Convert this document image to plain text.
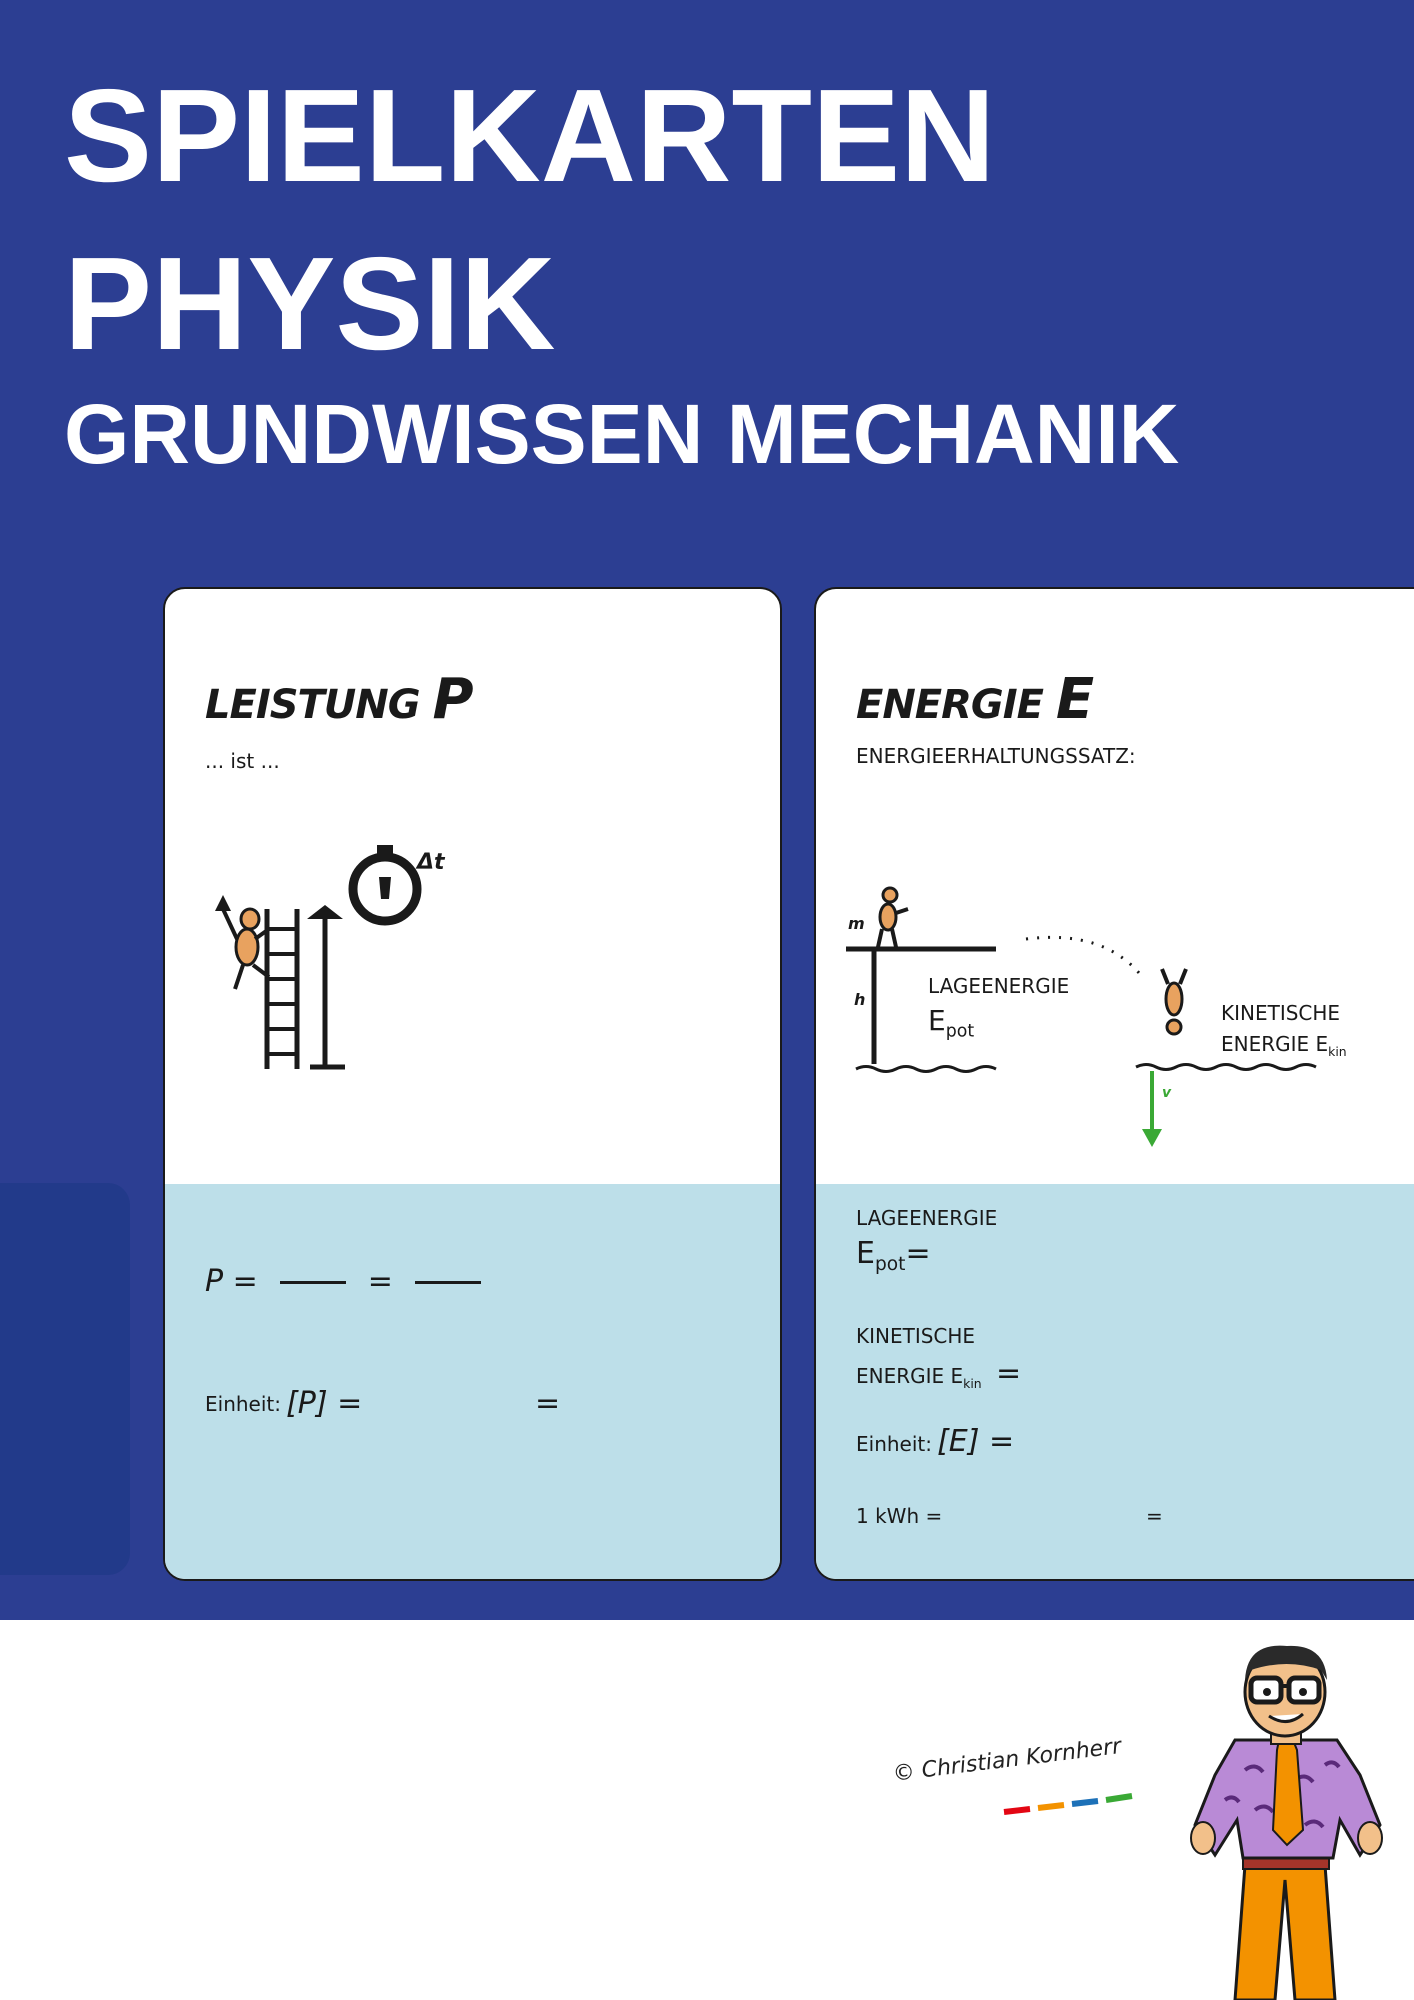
SPIELKARTEN
PHYSIK
GRUNDWISSEN MECHANIK
LEISTUNG P
... ist ...
Δt
P =	=
Einheit: [P] =	=
ENERGIE E
ENERGIEERHALTUNGSSATZ:
m
h
v
LAGEENERGIE
$E_{pot}$
KINETISCHE
ENERGIE $E_{kin}$
LAGEENERGIE
$E_{pot}=$
KINETISCHE
ENERGIE $E_{kin}$ =
Einheit: [E] =
1 kWh =	=
© Christian Kornherr
